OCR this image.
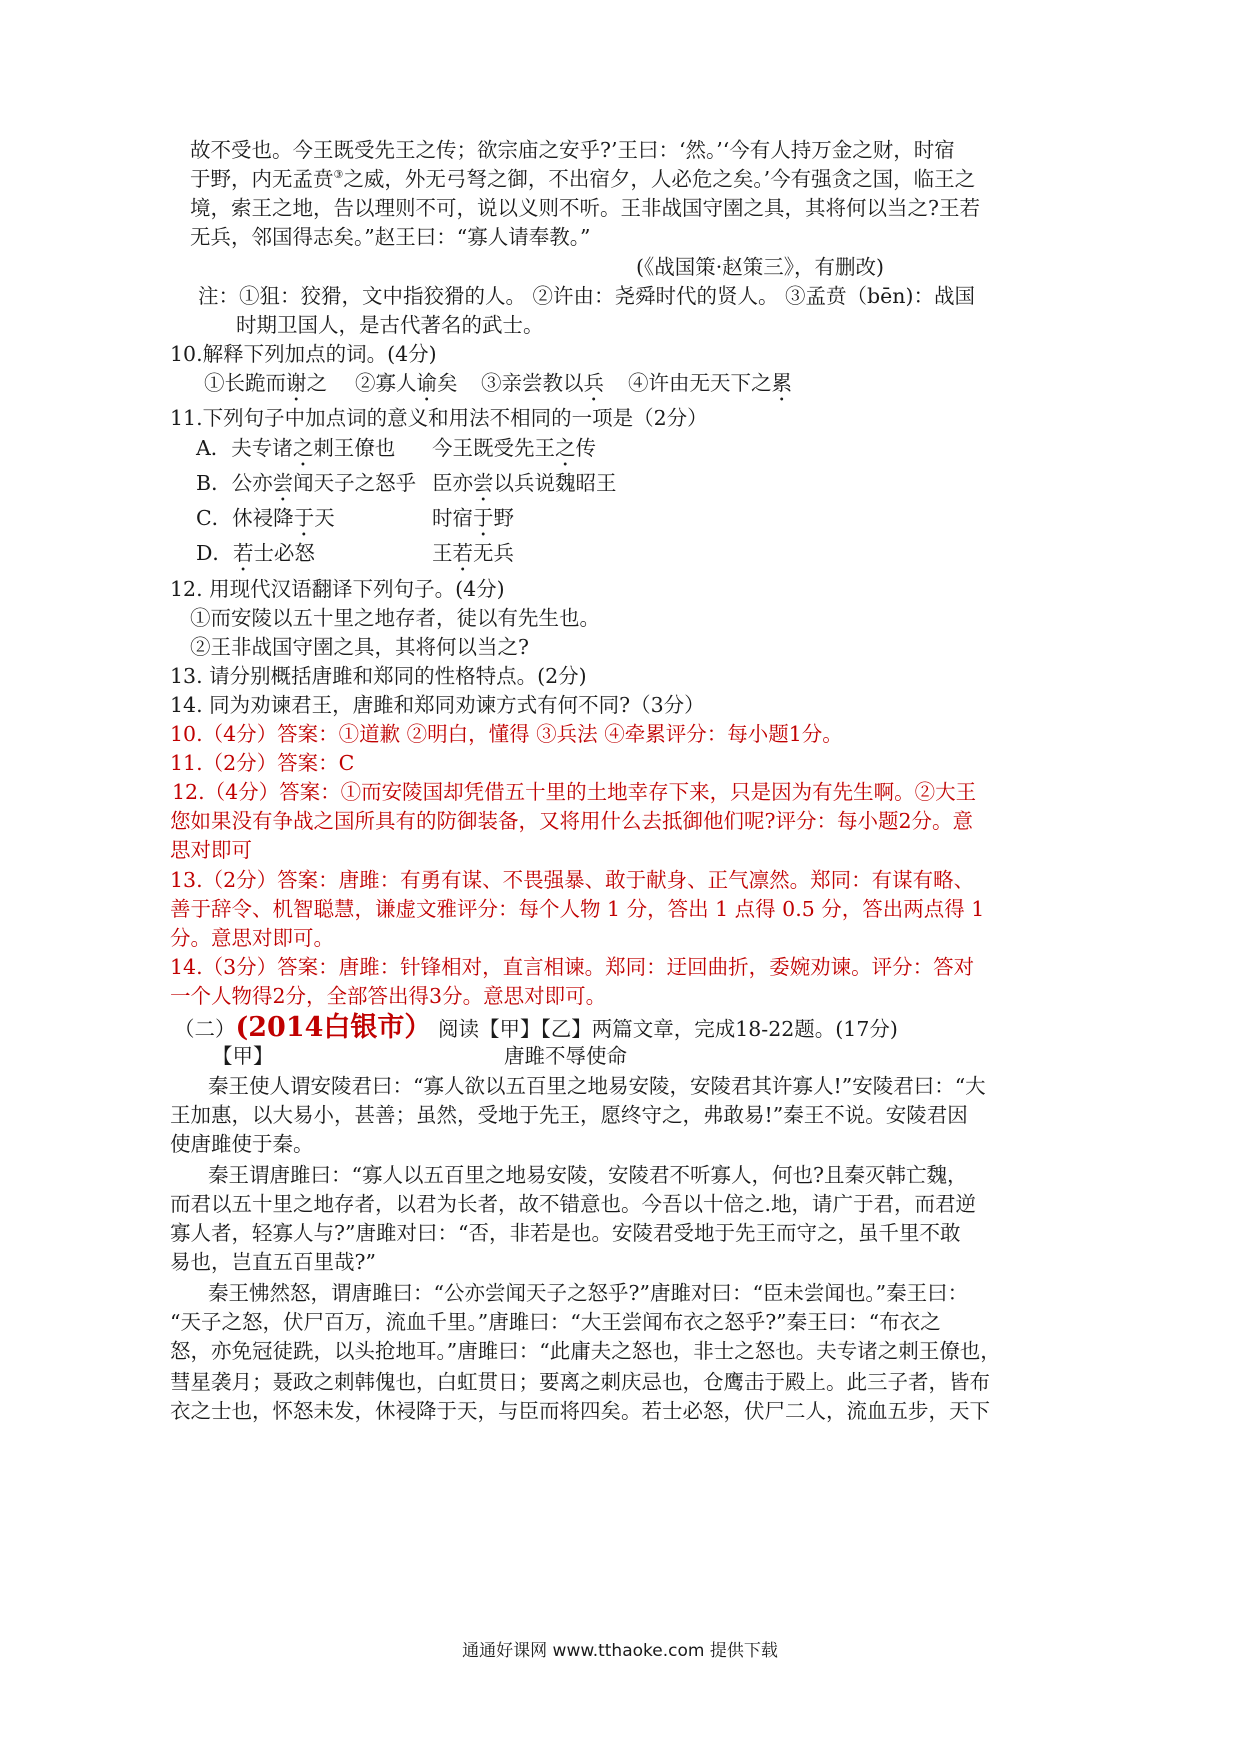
故不受也。今王既受先王之传；欲宗庙之安乎?’王曰：‘然。’‘今有人持万金之财，时宿
于野，内无孟贲③之威，外无弓弩之御，不出宿夕，人必危之矣。’今有强贪之国，临王之
境，索王之地，告以理则不可，说以义则不听。王非战国守圉之具，其将何以当之?王若
无兵，邻国得志矣。”赵王曰：“寡人请奉教。”
(《战国策·赵策三》，有删改)
注：①狙：狡猾，文中指狡猾的人。 ②许由：尧舜时代的贤人。 ③孟贲（bēn)：战国
时期卫国人，是古代著名的武士。
10.解释下列加点的词。(4分)
①长跪而谢之 ②寡人谕矣 ③亲尝教以兵 ④许由无天下之累
11.下列句子中加点词的意义和用法不相同的一项是（2分）
A．夫专诸之刺王僚也 今王既受先王之传
B．公亦尝闻天子之怒乎 臣亦尝以兵说魏昭王
C．休祲降于天	时宿于野
D．若士必怒	王若无兵
12. 用现代汉语翻译下列句子。(4分)
①而安陵以五十里之地存者，徒以有先生也。
②王非战国守圉之具，其将何以当之?
13. 请分别概括唐雎和郑同的性格特点。(2分)
14. 同为劝谏君王，唐雎和郑同劝谏方式有何不同?（3分）
10.（4分）答案：①道歉 ②明白，懂得 ③兵法 ④牵累评分：每小题1分。
11.（2分）答案：C
12.（4分）答案：①而安陵国却凭借五十里的土地幸存下来，只是因为有先生啊。②大王
您如果没有争战之国所具有的防御装备，又将用什么去抵御他们呢?评分：每小题2分。意
思对即可
13.（2分）答案：唐雎：有勇有谋、不畏强暴、敢于献身、正气凛然。郑同：有谋有略、
善于辞令、机智聪慧，谦虚文雅评分：每个人物 1 分，答出 1 点得 0.5 分，答出两点得 1
分。意思对即可。
14.（3分）答案：唐雎：针锋相对，直言相谏。郑同：迂回曲折，委婉劝谏。评分：答对
一个人物得2分，全部答出得3分。意思对即可。
（二）(2014白银市） 阅读【甲】【乙】两篇文章，完成18-22题。(17分)
【甲】	唐雎不辱使命
秦王使人谓安陵君曰：“寡人欲以五百里之地易安陵，安陵君其许寡人!”安陵君曰：“大
王加惠，以大易小，甚善；虽然，受地于先王，愿终守之，弗敢易!”秦王不说。安陵君因
使唐雎使于秦。
秦王谓唐雎曰：“寡人以五百里之地易安陵，安陵君不听寡人，何也?且秦灭韩亡魏，
而君以五十里之地存者，以君为长者，故不错意也。今吾以十倍之.地，请广于君，而君逆
寡人者，轻寡人与?”唐雎对曰：“否，非若是也。安陵君受地于先王而守之，虽千里不敢
易也，岂直五百里哉?”
秦王怫然怒，谓唐雎曰：“公亦尝闻天子之怒乎?”唐雎对曰：“臣未尝闻也。”秦王曰：
“天子之怒，伏尸百万，流血千里。”唐雎曰：“大王尝闻布衣之怒乎?”秦王曰：“布衣之
怒，亦免冠徒跣，以头抢地耳。”唐雎曰：“此庸夫之怒也，非士之怒也。夫专诸之刺王僚也，
彗星袭月；聂政之刺韩傀也，白虹贯日；要离之刺庆忌也，仓鹰击于殿上。此三子者，皆布
衣之士也，怀怒未发，休祲降于天，与臣而将四矣。若士必怒，伏尸二人，流血五步，天下
通通好课网 www.tthaoke.com 提供下载
